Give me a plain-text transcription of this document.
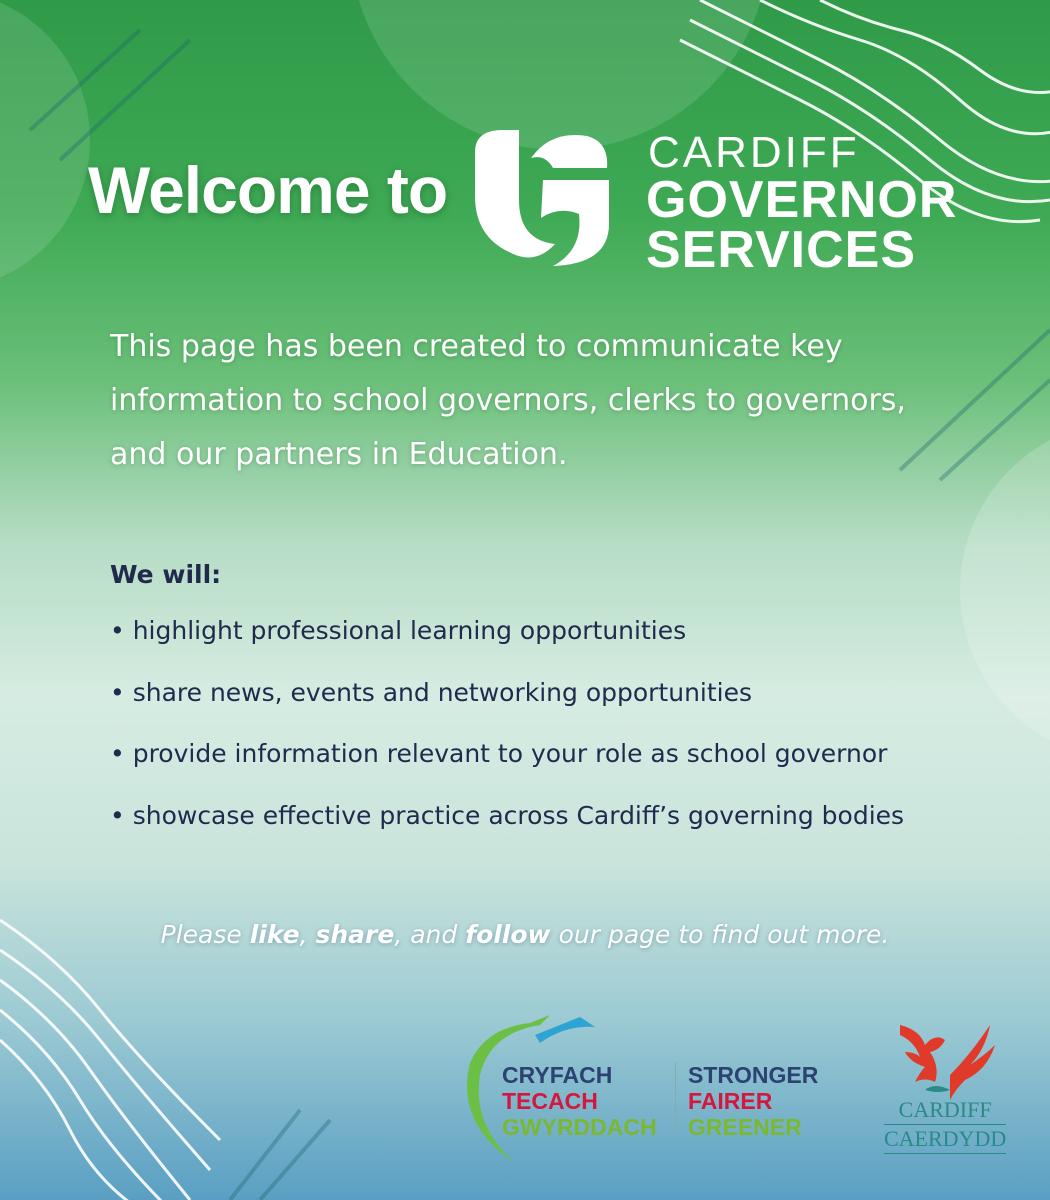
Welcome to
CARDIFF
GOVERNOR
SERVICES

This page has been created to communicate key information to school governors, clerks to governors, and our partners in Education.

We will:
• highlight professional learning opportunities
• share news, events and networking opportunities
• provide information relevant to your role as school governor
• showcase effective practice across Cardiff’s governing bodies
Please like, share, and follow our page to find out more.
CRYFACH
TECACH
GWYRDDACH
STRONGER
FAIRER
GREENER
CARDIFF
CAERDYDD
